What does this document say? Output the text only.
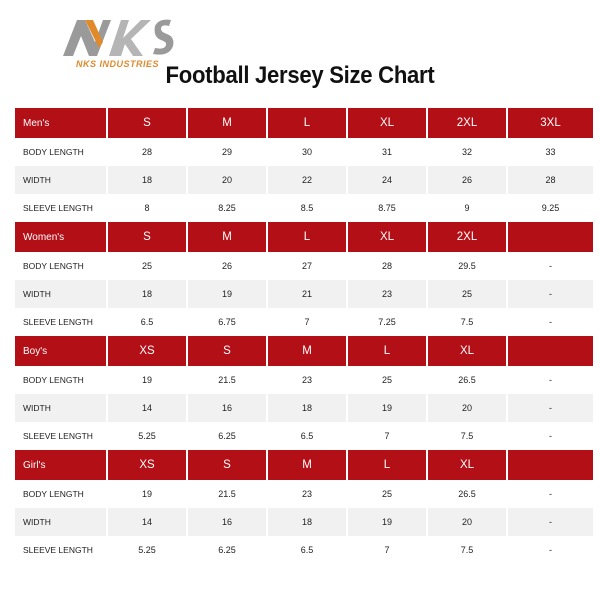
NKS INDUSTRIES Football Jersey Size Chart
Men's	S	M	L	XL	2XL	3XL
BODY LENGTH	28	29	30	31	32	33
WIDTH	18	20	22	24	26	28
SLEEVE LENGTH	8	8.25	8.5	8.75	9	9.25
Women's	S	M	L	XL	2XL
BODY LENGTH	25	26	27	28	29.5	-
WIDTH	18	19	21	23	25	-
SLEEVE LENGTH	6.5	6.75	7	7.25	7.5	-
Boy's	XS	S	M	L	XL
BODY LENGTH	19	21.5	23	25	26.5	-
WIDTH	14	16	18	19	20	-
SLEEVE LENGTH	5.25	6.25	6.5	7	7.5	-
Girl's	XS	S	M	L	XL
BODY LENGTH	19	21.5	23	25	26.5	-
WIDTH	14	16	18	19	20	-
SLEEVE LENGTH	5.25	6.25	6.5	7	7.5	-
